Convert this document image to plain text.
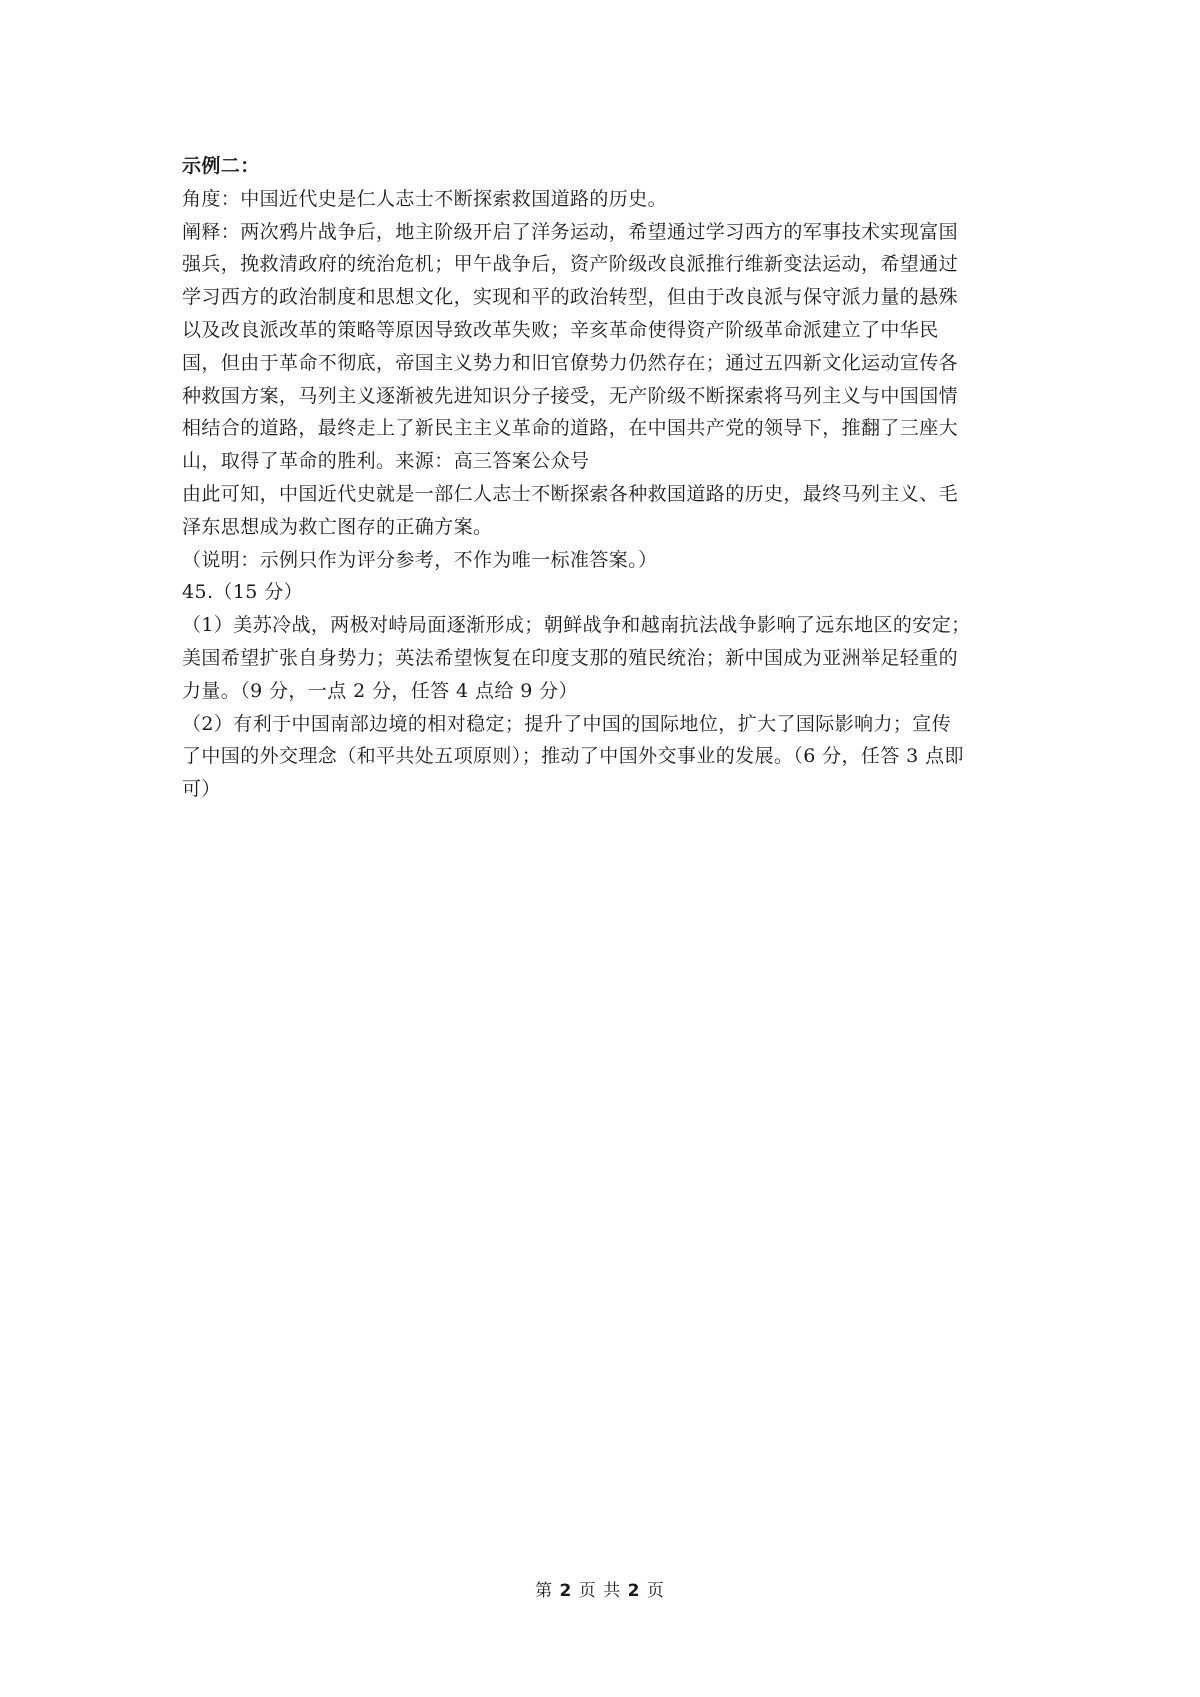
示例二：
角度：中国近代史是仁人志士不断探索救国道路的历史。
阐释：两次鸦片战争后，地主阶级开启了洋务运动，希望通过学习西方的军事技术实现富国
强兵，挽救清政府的统治危机；甲午战争后，资产阶级改良派推行维新变法运动，希望通过
学习西方的政治制度和思想文化，实现和平的政治转型，但由于改良派与保守派力量的悬殊
以及改良派改革的策略等原因导致改革失败；辛亥革命使得资产阶级革命派建立了中华民
国，但由于革命不彻底，帝国主义势力和旧官僚势力仍然存在；通过五四新文化运动宣传各
种救国方案，马列主义逐渐被先进知识分子接受，无产阶级不断探索将马列主义与中国国情
相结合的道路，最终走上了新民主主义革命的道路，在中国共产党的领导下，推翻了三座大
山，取得了革命的胜利。来源：高三答案公众号
由此可知，中国近代史就是一部仁人志士不断探索各种救国道路的历史，最终马列主义、毛
泽东思想成为救亡图存的正确方案。
（说明：示例只作为评分参考，不作为唯一标准答案。）
45.（15 分）
（1）美苏冷战，两极对峙局面逐渐形成；朝鲜战争和越南抗法战争影响了远东地区的安定；
美国希望扩张自身势力；英法希望恢复在印度支那的殖民统治；新中国成为亚洲举足轻重的
力量。（9 分，一点 2 分，任答 4 点给 9 分）
（2）有利于中国南部边境的相对稳定；提升了中国的国际地位，扩大了国际影响力；宣传
了中国的外交理念（和平共处五项原则）；推动了中国外交事业的发展。（6 分，任答 3 点即
可）
第 2 页 共 2 页
